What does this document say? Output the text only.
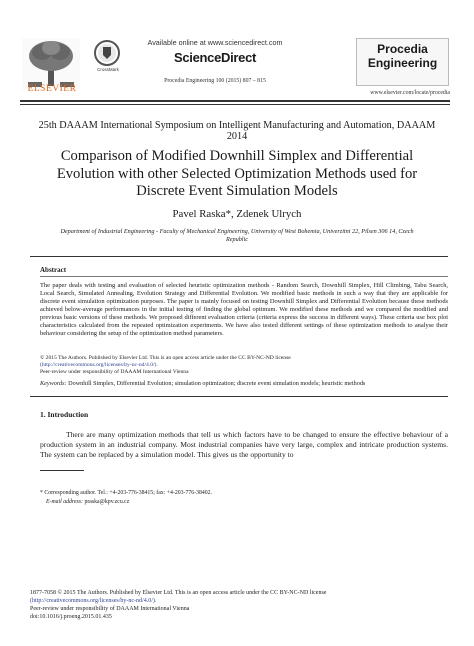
ELSEVIER
CrossMark
Available online at www.sciencedirect.com
ScienceDirect
Procedia Engineering 100 (2015) 807 – 815
Procedia Engineering
www.elsevier.com/locate/procedia
25th DAAAM International Symposium on Intelligent Manufacturing and Automation, DAAAM 2014
Comparison of Modified Downhill Simplex and Differential Evolution with other Selected Optimization Methods used for Discrete Event Simulation Models
Pavel Raska*, Zdenek Ulrych
Department of Industrial Engineering - Faculty of Mechanical Engineering, University of West Bohemia, Univerzitni 22, Pilsen 306 14, Czech Republic
Abstract
The paper deals with testing and evaluation of selected heuristic optimization methods - Random Search, Downhill Simplex, Hill Climbing, Tabu Search, Local Search, Simulated Annealing, Evolution Strategy and Differential Evolution. We modified basic methods in such a way that they are applicable for discrete event simulation optimization purposes. The paper is mainly focused on testing Downhill Simplex and Differential Evolution because these methods achieved below-average performances in the initial testing of finding the global optimum. We modified these methods and we compared the modified and previous basic versions of these methods. We proposed different evaluation criteria (criteria express the success in different ways). These criteria use box plot characteristics calculated from the repeated optimization experiments. We have also tested different settings of these optimization methods to analyse their behaviour considering the setup of the optimization method parameters.
© 2015 The Authors. Published by Elsevier Ltd. This is an open access article under the CC BY-NC-ND license
(http://creativecommons.org/licenses/by-nc-nd/4.0/).
Peer-review under responsibility of DAAAM International Vienna
Keywords: Downhill Simplex, Differential Evolution; simulation optimization; discrete event simulation models; heuristic methods
1. Introduction
There are many optimization methods that tell us which factors have to be changed to ensure the effective behaviour of a production system in an industrial company. Most industrial companies have very large, complex and intricate production systems. The system can be replaced by a simulation model. This gives us the opportunity to
* Corresponding author. Tel.: +4-203-776-38415; fax: +4-203-776-38402.
E-mail address: praska@kpv.zcu.cz
1877-7058 © 2015 The Authors. Published by Elsevier Ltd. This is an open access article under the CC BY-NC-ND license
(http://creativecommons.org/licenses/by-nc-nd/4.0/).
Peer-review under responsibility of DAAAM International Vienna
doi:10.1016/j.proeng.2015.01.435
